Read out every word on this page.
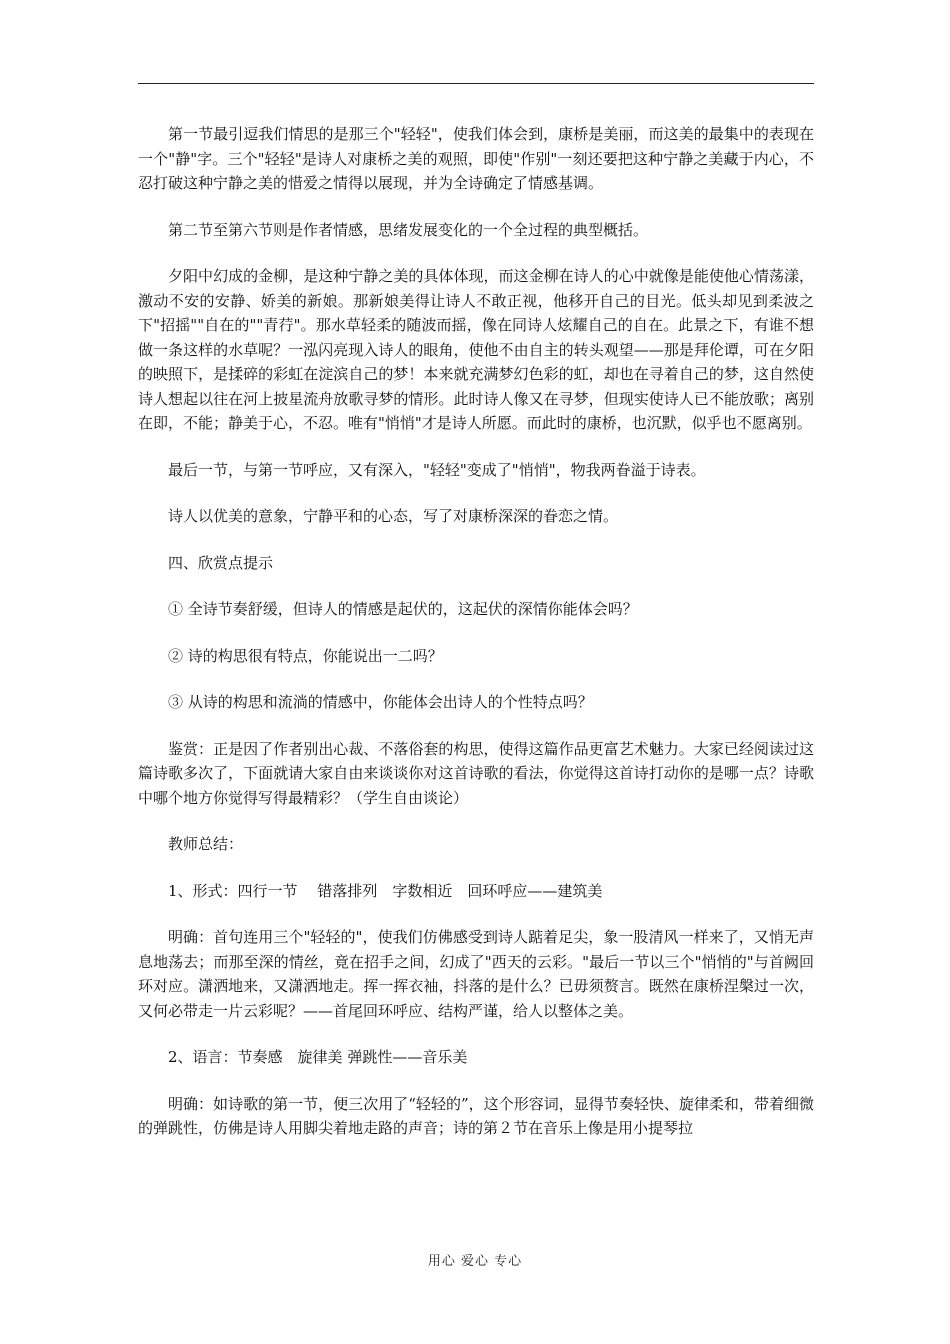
第一节最引逗我们情思的是那三个"轻轻"，使我们体会到，康桥是美丽，而这美的最集中的表现在一个"静"字。三个"轻轻"是诗人对康桥之美的观照，即使"作别"一刻还要把这种宁静之美藏于内心，不忍打破这种宁静之美的惜爱之情得以展现，并为全诗确定了情感基调。

第二节至第六节则是作者情感，思绪发展变化的一个全过程的典型概括。

夕阳中幻成的金柳，是这种宁静之美的具体体现，而这金柳在诗人的心中就像是能使他心情荡漾，激动不安的安静、娇美的新娘。那新娘美得让诗人不敢正视，他移开自己的目光。低头却见到柔波之下"招摇""自在的""青荇"。那水草轻柔的随波而摇，像在同诗人炫耀自己的自在。此景之下，有谁不想做一条这样的水草呢？一泓闪亮现入诗人的眼角，使他不由自主的转头观望——那是拜伦谭，可在夕阳的映照下，是揉碎的彩虹在淀滨自己的梦！本来就充满梦幻色彩的虹，却也在寻着自己的梦，这自然使诗人想起以往在河上披星流舟放歌寻梦的情形。此时诗人像又在寻梦，但现实使诗人已不能放歌；离别在即，不能；静美于心，不忍。唯有"悄悄"才是诗人所愿。而此时的康桥，也沉默，似乎也不愿离别。

最后一节，与第一节呼应，又有深入，"轻轻"变成了"悄悄"，物我两眷溢于诗表。

诗人以优美的意象，宁静平和的心态，写了对康桥深深的眷恋之情。

四、欣赏点提示

① 全诗节奏舒缓，但诗人的情感是起伏的，这起伏的深情你能体会吗？

② 诗的构思很有特点，你能说出一二吗？

③ 从诗的构思和流淌的情感中，你能体会出诗人的个性特点吗？

鉴赏：正是因了作者别出心裁、不落俗套的构思，使得这篇作品更富艺术魅力。大家已经阅读过这篇诗歌多次了，下面就请大家自由来谈谈你对这首诗歌的看法，你觉得这首诗打动你的是哪一点？诗歌中哪个地方你觉得写得最精彩？（学生自由谈论）

教师总结：

1、形式：四行一节　 错落排列　字数相近　回环呼应——建筑美

明确：首句连用三个"轻轻的"，使我们仿佛感受到诗人踮着足尖，象一股清风一样来了，又悄无声息地荡去；而那至深的情丝，竟在招手之间，幻成了"西天的云彩。"最后一节以三个"悄悄的"与首阙回环对应。潇洒地来，又潇洒地走。挥一挥衣袖，抖落的是什么？已毋须赘言。既然在康桥涅槃过一次，又何必带走一片云彩呢？——首尾回环呼应、结构严谨，给人以整体之美。

2、语言：节奏感　旋律美 弹跳性——音乐美

明确：如诗歌的第一节，便三次用了“轻轻的”，这个形容词，显得节奏轻快、旋律柔和，带着细微的弹跳性，仿佛是诗人用脚尖着地走路的声音；诗的第２节在音乐上像是用小提琴拉

用心 爱心 专心
